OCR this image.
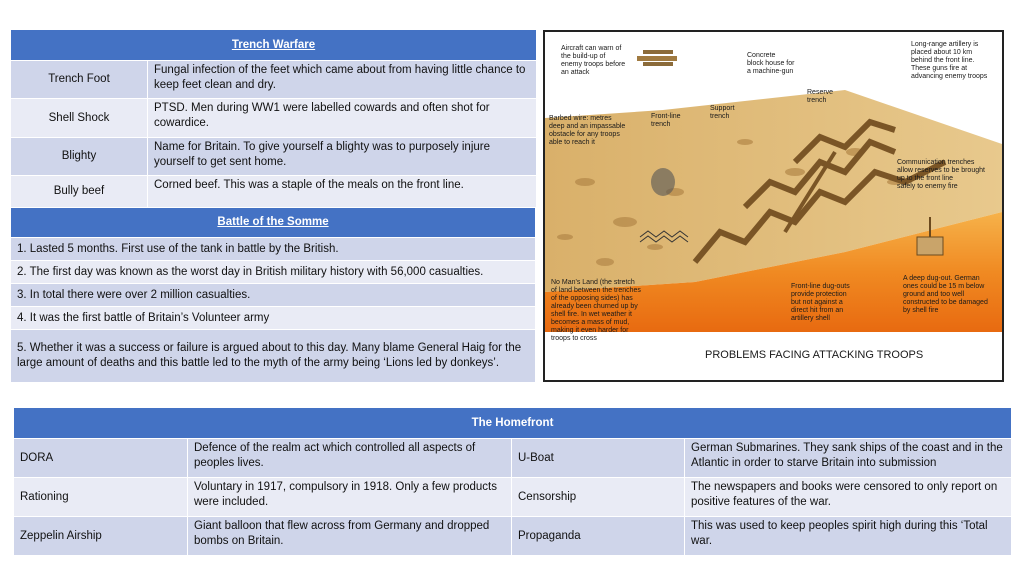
Trench Warfare	
Trench Foot	Fungal infection of the feet which came about from having little chance to keep feet clean and dry.
Shell Shock	PTSD. Men during WW1 were labelled cowards and often shot for cowardice.
Blighty	Name for Britain. To give yourself a blighty was to purposely injure yourself to get sent home.
Bully beef	Corned beef. This was a staple of the meals on the front line.
Battle of the Somme
1. Lasted 5 months. First use of the tank in battle by the British.
2. The first day was known as the worst day in British military history with 56,000 casualties.
3. In total there were over 2 million casualties.
4. It was the first battle of Britain’s Volunteer army
5. Whether it was a success or failure is argued about to this day. Many blame General Haig for the large amount of deaths and this battle led to the myth of the army being ‘Lions led by donkeys’.
Aircraft can warn of the build-up of enemy troops before an attack
Concrete block house for a machine-gun
Long-range artillery is placed about 10 km behind the front line. These guns fire at advancing enemy troops
Reserve trench
Support trench
Front-line trench
Barbed wire: metres deep and an impassable obstacle for any troops able to reach it
Communication trenches allow reserves to be brought up to the front line safely to enemy fire
No Man's Land (the stretch of land between the trenches of the opposing sides) has already been churned up by shell fire. In wet weather it becomes a mass of mud, making it even harder for troops to cross
Front-line dug-outs provide protection but not against a direct hit from an artillery shell
A deep dug-out. German ones could be 15 m below ground and too well constructed to be damaged by shell fire
PROBLEMS FACING ATTACKING TROOPS
The Homefront			
DORA	Defence of the realm act which controlled all aspects of peoples lives.	U-Boat	German Submarines. They sank ships of the coast and in the Atlantic in order to starve Britain into submission
Rationing	Voluntary in 1917, compulsory in 1918. Only a few products were included.	Censorship	The newspapers and books were censored to only report on positive features of the war.
Zeppelin Airship	Giant balloon that flew across from Germany and dropped bombs on Britain.	Propaganda	This was used to keep peoples spirit high during this ‘Total war.
